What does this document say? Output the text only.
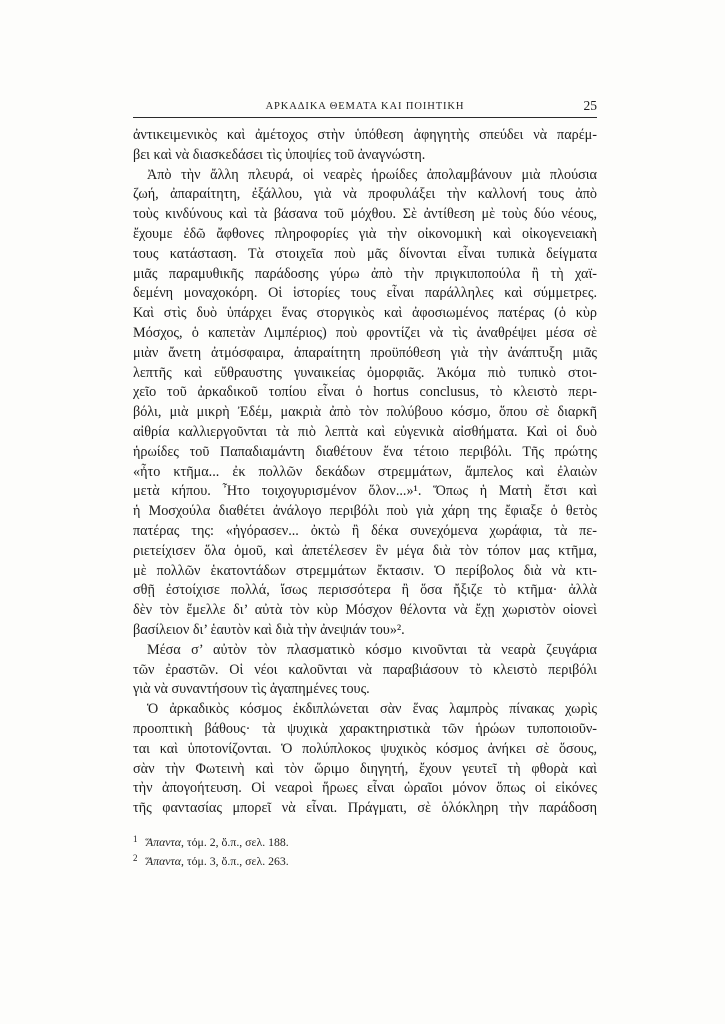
ΑΡΚΑΔΙΚΑ ΘΕΜΑΤΑ ΚΑΙ ΠΟΙΗΤΙΚΗ	25
ἀντικειμενικὸς καὶ ἀμέτοχος στὴν ὑπόθεση ἀφηγητὴς σπεύδει νὰ παρέμ-
βει καὶ νὰ διασκεδάσει τὶς ὑποψίες τοῦ ἀναγνώστη.
Ἀπὸ τὴν ἄλλη πλευρά, οἱ νεαρὲς ἡρωίδες ἀπολαμβάνουν μιὰ πλούσια
ζωή, ἀπαραίτητη, ἐξάλλου, γιὰ νὰ προφυλάξει τὴν καλλονή τους ἀπὸ
τοὺς κινδύνους καὶ τὰ βάσανα τοῦ μόχθου. Σὲ ἀντίθεση μὲ τοὺς δύο νέους,
ἔχουμε ἐδῶ ἄφθονες πληροφορίες γιὰ τὴν οἰκονομικὴ καὶ οἰκογενειακὴ
τους κατάσταση. Τὰ στοιχεῖα ποὺ μᾶς δίνονται εἶναι τυπικὰ δείγματα
μιᾶς παραμυθικῆς παράδοσης γύρω ἀπὸ τὴν πριγκιποπούλα ἢ τὴ χαϊ-
δεμένη μοναχοκόρη. Οἱ ἱστορίες τους εἶναι παράλληλες καὶ σύμμετρες.
Καὶ στὶς δυὸ ὑπάρχει ἕνας στοργικὸς καὶ ἀφοσιωμένος πατέρας (ὁ κὺρ
Μόσχος, ὁ καπετὰν Λιμπέριος) ποὺ φροντίζει νὰ τὶς ἀναθρέψει μέσα σὲ
μιὰν ἄνετη ἀτμόσφαιρα, ἀπαραίτητη προϋπόθεση γιὰ τὴν ἀνάπτυξη μιᾶς
λεπτῆς καὶ εὔθραυστης γυναικείας ὀμορφιᾶς. Ἀκόμα πιὸ τυπικὸ στοι-
χεῖο τοῦ ἀρκαδικοῦ τοπίου εἶναι ὁ hortus conclusus, τὸ κλειστὸ περι-
βόλι, μιὰ μικρὴ Ἐδέμ, μακριὰ ἀπὸ τὸν πολύβουο κόσμο, ὅπου σὲ διαρκῆ
αἰθρία καλλιεργοῦνται τὰ πιὸ λεπτὰ καὶ εὐγενικὰ αἰσθήματα. Καὶ οἱ δυὸ
ἡρωίδες τοῦ Παπαδιαμάντη διαθέτουν ἕνα τέτοιο περιβόλι. Τῆς πρώτης
«ἦτο κτῆμα... ἐκ πολλῶν δεκάδων στρεμμάτων, ἄμπελος καὶ ἐλαιὼν
μετὰ κήπου. Ἦτο τοιχογυρισμένον ὅλον...»¹. Ὅπως ἡ Ματὴ ἔτσι καὶ
ἡ Μοσχούλα διαθέτει ἀνάλογο περιβόλι ποὺ γιὰ χάρη της ἔφιαξε ὁ θετὸς
πατέρας της: «ἠγόρασεν... ὀκτὼ ἢ δέκα συνεχόμενα χωράφια, τὰ πε-
ριετείχισεν ὅλα ὁμοῦ, καὶ ἀπετέλεσεν ἓν μέγα διὰ τὸν τόπον μας κτῆμα,
μὲ πολλῶν ἑκατοντάδων στρεμμάτων ἔκτασιν. Ὁ περίβολος διὰ νὰ κτι-
σθῇ ἐστοίχισε πολλά, ἴσως περισσότερα ἢ ὅσα ἤξιζε τὸ κτῆμα· ἀλλὰ
δὲν τὸν ἔμελλε δι’ αὐτὰ τὸν κὺρ Μόσχον θέλοντα νὰ ἔχῃ χωριστὸν οἱονεὶ
βασίλειον δι’ ἑαυτὸν καὶ διὰ τὴν ἀνεψιάν του»².
Μέσα σ’ αὐτὸν τὸν πλασματικὸ κόσμο κινοῦνται τὰ νεαρὰ ζευγάρια
τῶν ἐραστῶν. Οἱ νέοι καλοῦνται νὰ παραβιάσουν τὸ κλειστὸ περιβόλι
γιὰ νὰ συναντήσουν τὶς ἀγαπημένες τους.
Ὁ ἀρκαδικὸς κόσμος ἐκδιπλώνεται σὰν ἕνας λαμπρὸς πίνακας χωρὶς
προοπτικὴ βάθους· τὰ ψυχικὰ χαρακτηριστικὰ τῶν ἡρώων τυποποιοῦν-
ται καὶ ὑποτονίζονται. Ὁ πολύπλοκος ψυχικὸς κόσμος ἀνήκει σὲ ὅσους,
σὰν τὴν Φωτεινὴ καὶ τὸν ὥριμο διηγητή, ἔχουν γευτεῖ τὴ φθορὰ καὶ
τὴν ἀπογοήτευση. Οἱ νεαροὶ ἥρωες εἶναι ὡραῖοι μόνον ὅπως οἱ εἰκόνες
τῆς φαντασίας μπορεῖ νὰ εἶναι. Πράγματι, σὲ ὁλόκληρη τὴν παράδοση
1 Ἅπαντα, τόμ. 2, ὅ.π., σελ. 188.
2 Ἅπαντα, τόμ. 3, ὅ.π., σελ. 263.
